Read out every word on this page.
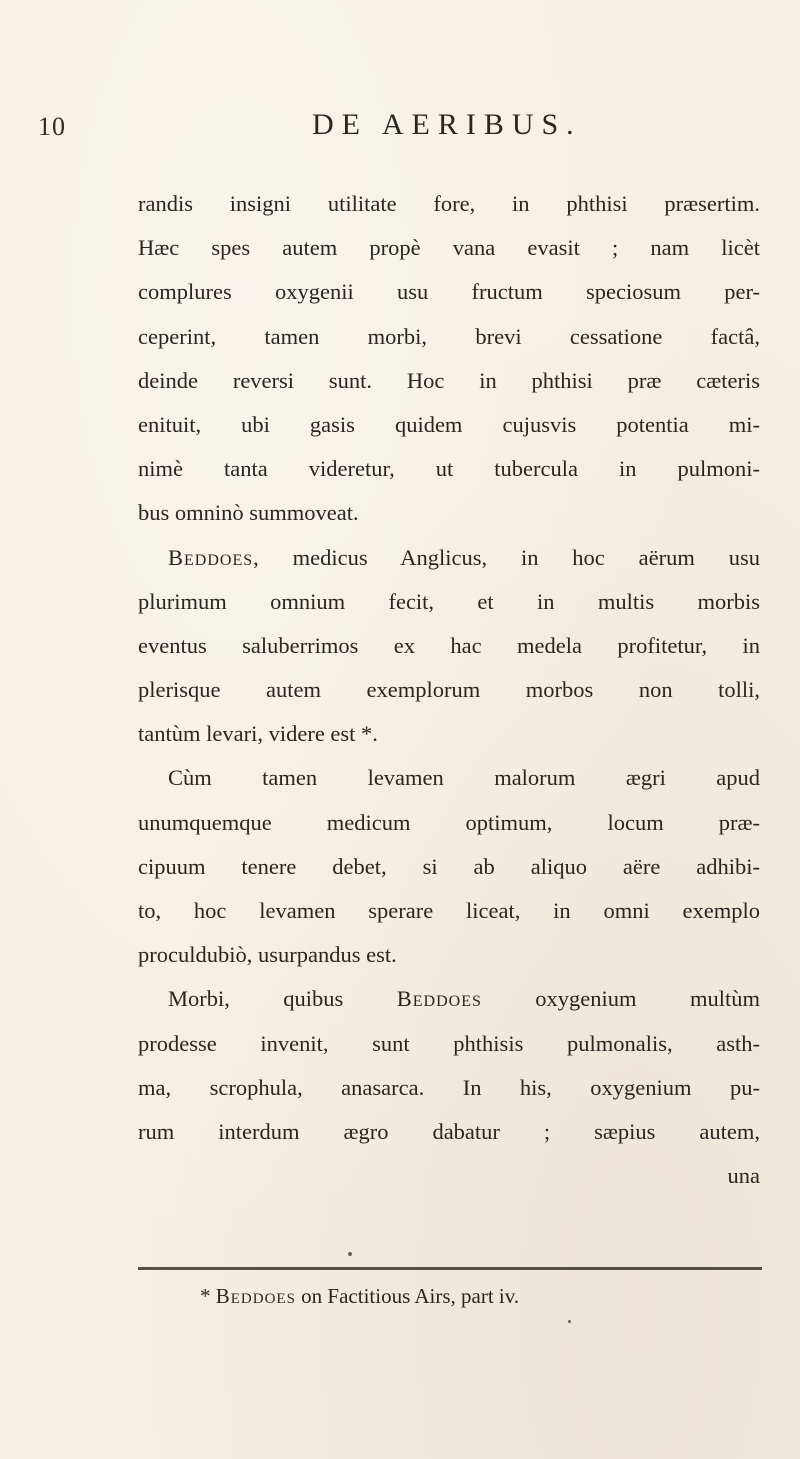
10	DE AERIBUS.
randis insigni utilitate fore, in phthisi præsertim.
Hæc spes autem propè vana evasit ; nam licèt
complures oxygenii usu fructum speciosum per-
ceperint, tamen morbi, brevi cessatione factâ,
deinde reversi sunt. Hoc in phthisi præ cæteris
enituit, ubi gasis quidem cujusvis potentia mi-
nimè tanta videretur, ut tubercula in pulmoni-
bus omninò summoveat.
Beddoes, medicus Anglicus, in hoc aërum usu
plurimum omnium fecit, et in multis morbis
eventus saluberrimos ex hac medela profitetur, in
plerisque autem exemplorum morbos non tolli,
tantùm levari, videre est *.
Cùm tamen levamen malorum ægri apud
unumquemque medicum optimum, locum præ-
cipuum tenere debet, si ab aliquo aëre adhibi-
to, hoc levamen sperare liceat, in omni exemplo
proculdubiò, usurpandus est.
Morbi, quibus Beddoes oxygenium multùm
prodesse invenit, sunt phthisis pulmonalis, asth-
ma, scrophula, anasarca. In his, oxygenium pu-
rum interdum ægro dabatur ; sæpius autem,
una
* Beddoes on Factitious Airs, part iv.
